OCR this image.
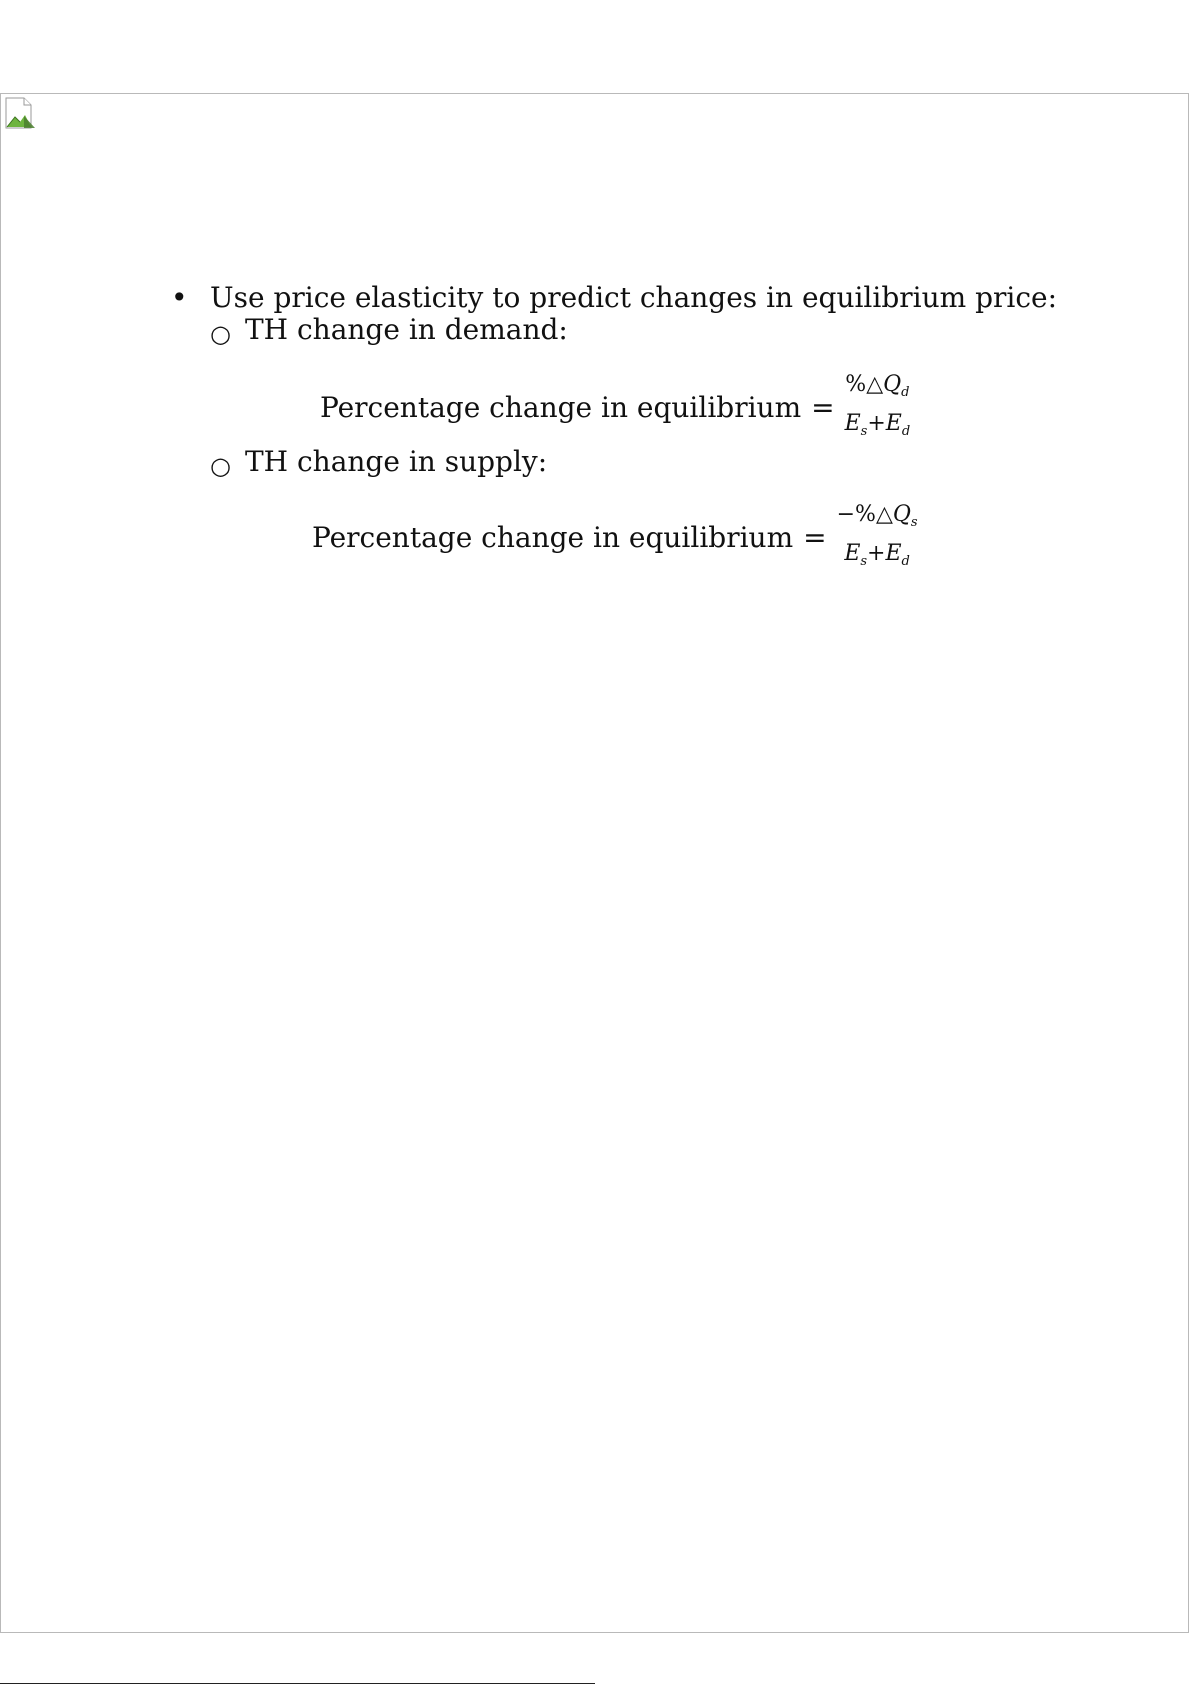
• Use price elasticity to predict changes in equilibrium price:
○ TH change in demand:
Percentage change in equilibrium =
$\%\triangle Q_d$
$E_s+E_d$
○ TH change in supply:
Percentage change in equilibrium =
$-\%\triangle Q_s$
$E_s+E_d$
